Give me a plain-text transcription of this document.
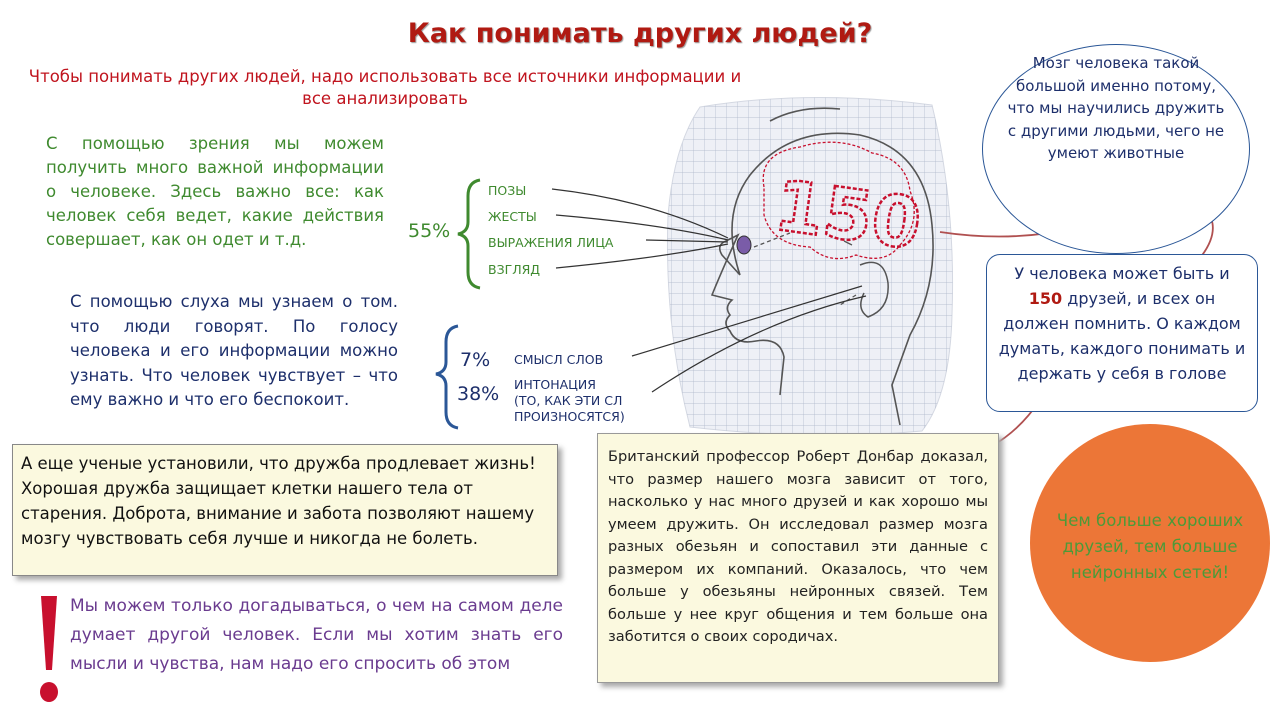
Как понимать других людей?
Чтобы понимать других людей, надо использовать все источники информации и все анализировать
С помощью зрения мы можем получить много важной информации о человеке. Здесь важно все: как человек себя ведет, какие действия совершает, как он одет и т.д.
С помощью слуха мы узнаем о том. что люди говорят. По голосу человека и его информации можно узнать. Что человек чувствует – что ему важно и что его беспокоит.
55%
ПОЗЫ
ЖЕСТЫ
ВЫРАЖЕНИЯ ЛИЦА
ВЗГЛЯД
7%
38%
СМЫСЛ СЛОВ
ИНТОНАЦИЯ
(ТО, КАК ЭТИ СЛ
ПРОИЗНОСЯТСЯ)
150
Мозг человека такой большой именно потому, что мы научились дружить с другими людьми, чего не умеют животные
У человека может быть и 150 друзей, и всех он должен помнить. О каждом думать, каждого понимать и держать у себя в голове
Британский профессор Роберт Донбар доказал, что размер нашего мозга зависит от того, насколько у нас много друзей и как хорошо мы умеем дружить. Он исследовал размер мозга разных обезьян и сопоставил эти данные с размером их компаний. Оказалось, что чем больше у обезьяны нейронных связей. Тем больше у нее круг общения и тем больше она заботится о своих сородичах.
А еще ученые установили, что дружба продлевает жизнь! Хорошая дружба защищает клетки нашего тела от старения. Доброта, внимание и забота позволяют нашему мозгу чувствовать себя лучше и никогда не болеть.
Чем больше хороших друзей, тем больше нейронных сетей!
Мы можем только догадываться, о чем на самом деле думает другой человек. Если мы хотим знать его мысли и чувства, нам надо его спросить об этом
